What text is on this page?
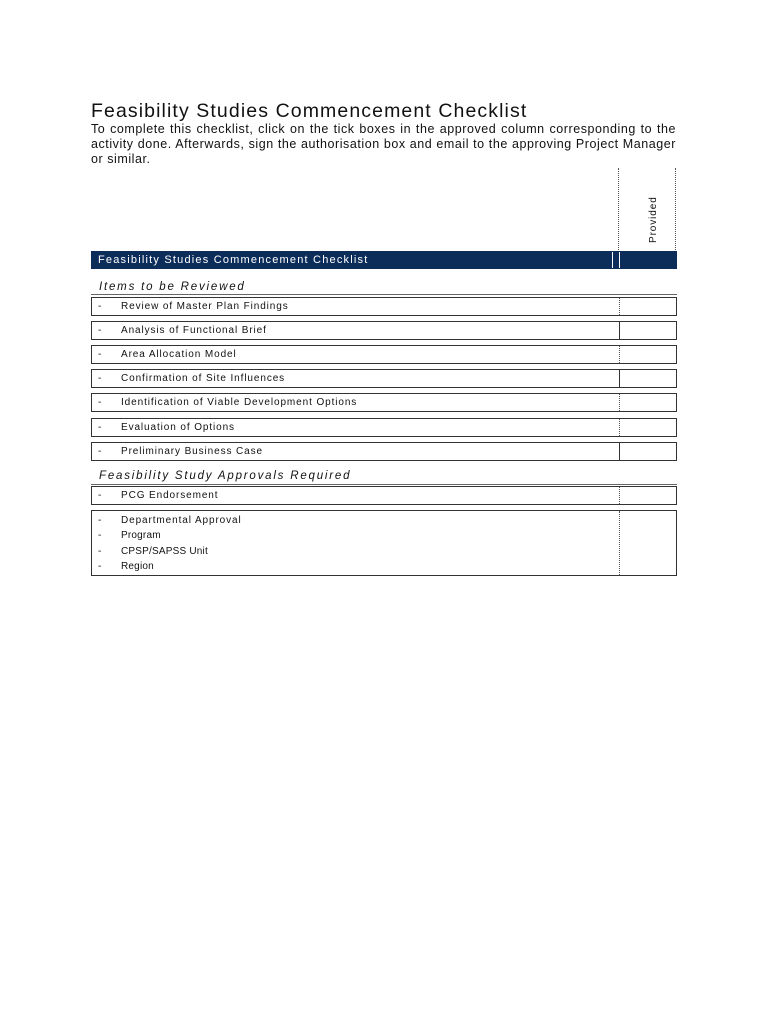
Feasibility Studies Commencement Checklist

To complete this checklist, click on the tick boxes in the approved column corresponding to the activity done. Afterwards, sign the authorisation box and email to the approving Project Manager or similar.

Provided
Feasibility Studies Commencement Checklist
Items to be Reviewed
- Review of Master Plan Findings
- Analysis of Functional Brief
- Area Allocation Model
- Confirmation of Site Influences
- Identification of Viable Development Options
- Evaluation of Options
- Preliminary Business Case
Feasibility Study Approvals Required
- PCG Endorsement
- Departmental Approval
- Program
- CPSP/SAPSS Unit
- Region
